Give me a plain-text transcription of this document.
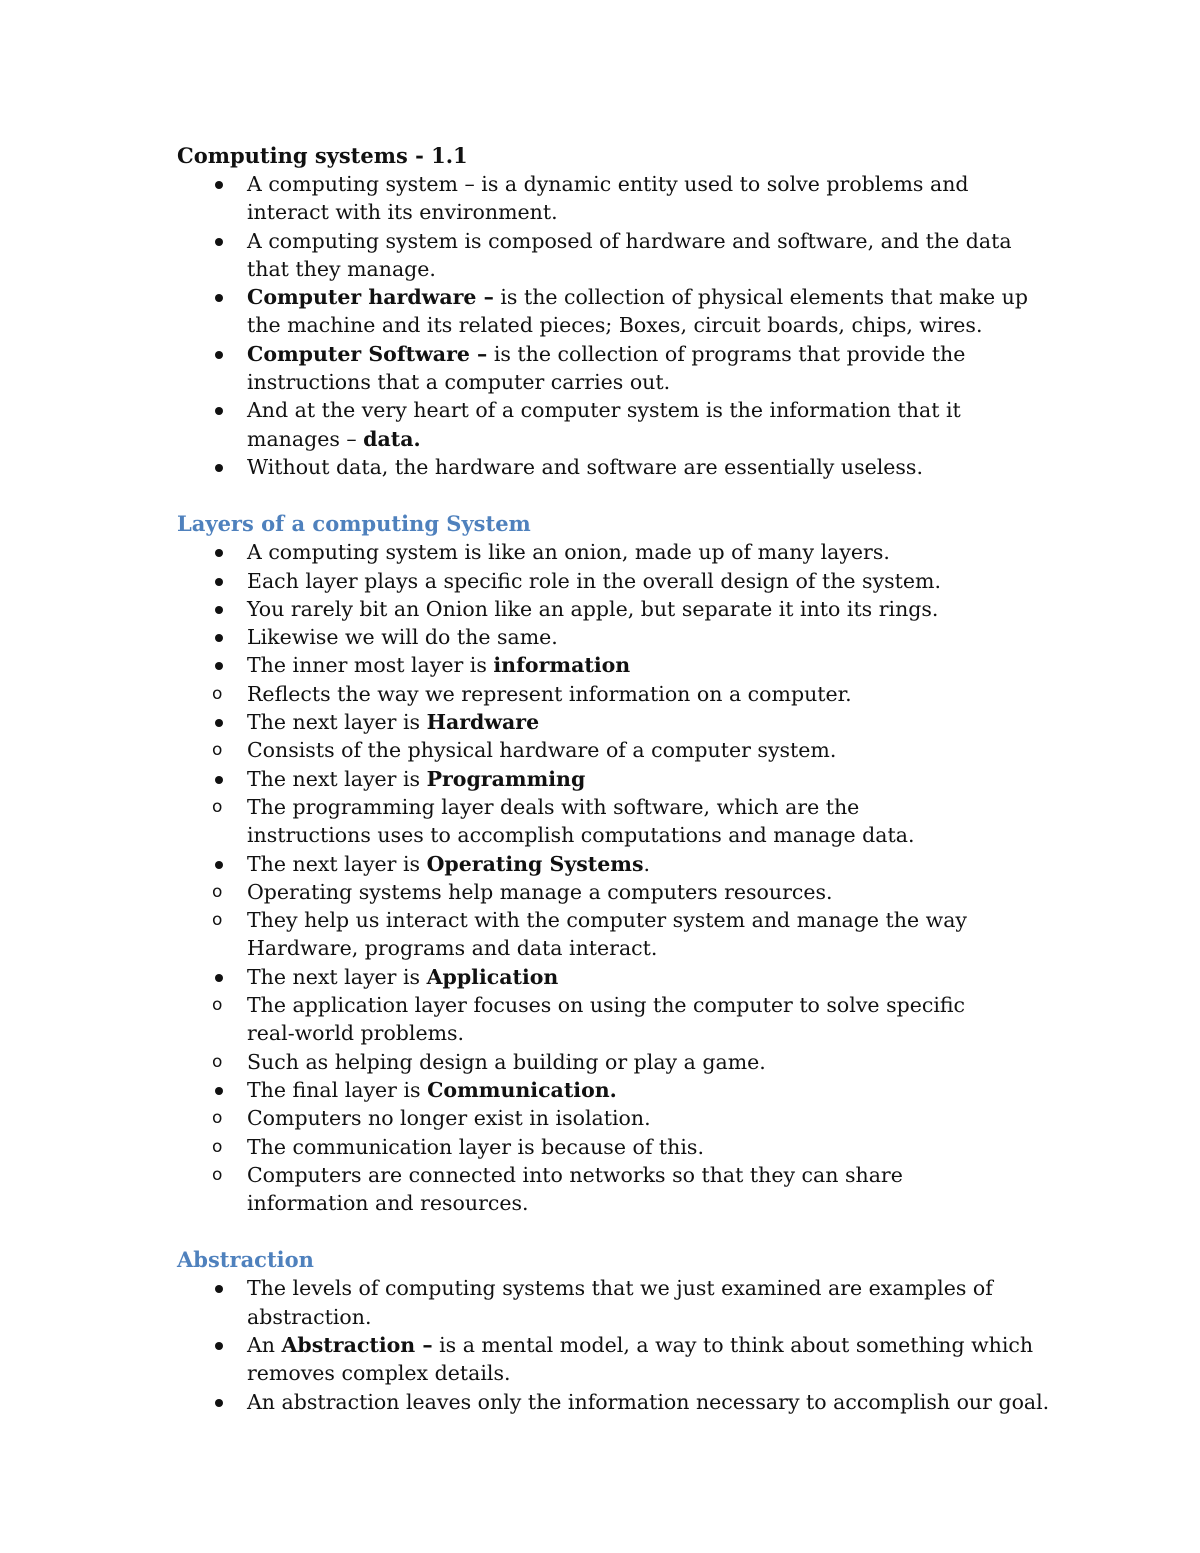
Computing systems - 1.1

A computing system – is a dynamic entity used to solve problems and
interact with its environment.
A computing system is composed of hardware and software, and the data
that they manage.
Computer hardware – is the collection of physical elements that make up
the machine and its related pieces; Boxes, circuit boards, chips, wires.
Computer Software – is the collection of programs that provide the
instructions that a computer carries out.
And at the very heart of a computer system is the information that it
manages – data.
Without data, the hardware and software are essentially useless.

Layers of a computing System

A computing system is like an onion, made up of many layers.
Each layer plays a specific role in the overall design of the system.
You rarely bit an Onion like an apple, but separate it into its rings.
Likewise we will do the same.
The inner most layer is information
o Reflects the way we represent information on a computer.
The next layer is Hardware
o Consists of the physical hardware of a computer system.
The next layer is Programming
o The programming layer deals with software, which are the
instructions uses to accomplish computations and manage data.
The next layer is Operating Systems.
o Operating systems help manage a computers resources.
o They help us interact with the computer system and manage the way
Hardware, programs and data interact.
The next layer is Application
o The application layer focuses on using the computer to solve specific
real-world problems.
o Such as helping design a building or play a game.
The final layer is Communication.
o Computers no longer exist in isolation.
o The communication layer is because of this.
o Computers are connected into networks so that they can share
information and resources.

Abstraction

The levels of computing systems that we just examined are examples of
abstraction.
An Abstraction – is a mental model, a way to think about something which
removes complex details.
An abstraction leaves only the information necessary to accomplish our goal.
